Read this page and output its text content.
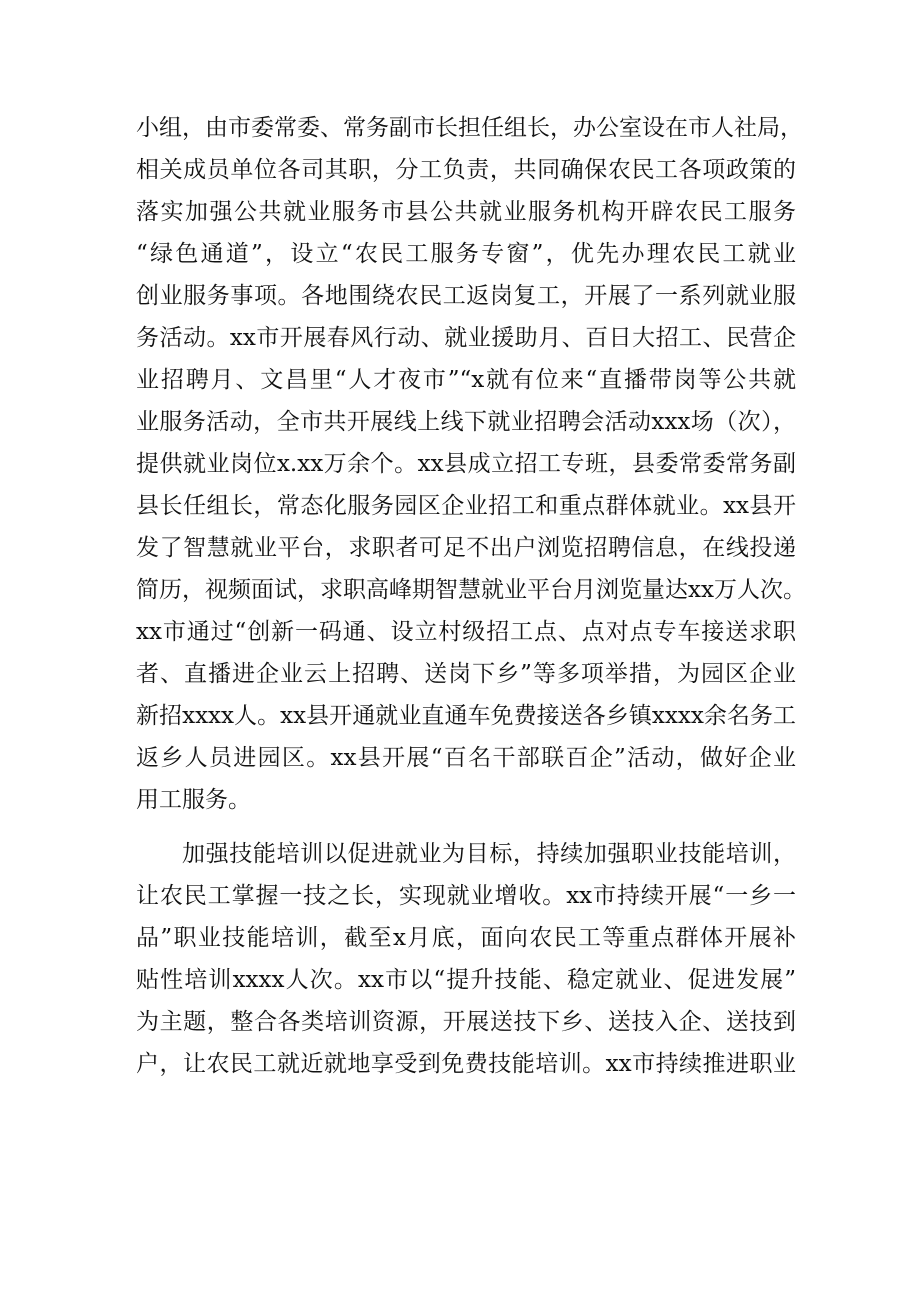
小组，由市委常委、常务副市长担任组长，办公室设在市人社局，
相关成员单位各司其职，分工负责，共同确保农民工各项政策的
落实加强公共就业服务市县公共就业服务机构开辟农民工服务
“绿色通道”，设立“农民工服务专窗”，优先办理农民工就业
创业服务事项。各地围绕农民工返岗复工，开展了一系列就业服
务活动。xx市开展春风行动、就业援助月、百日大招工、民营企
业招聘月、文昌里“人才夜市”“x就有位来“直播带岗等公共就
业服务活动，全市共开展线上线下就业招聘会活动xxx场（次），
提供就业岗位x.xx万余个。xx县成立招工专班，县委常委常务副
县长任组长，常态化服务园区企业招工和重点群体就业。xx县开
发了智慧就业平台，求职者可足不出户浏览招聘信息，在线投递
简历，视频面试，求职高峰期智慧就业平台月浏览量达xx万人次。
xx市通过“创新一码通、设立村级招工点、点对点专车接送求职
者、直播进企业云上招聘、送岗下乡”等多项举措，为园区企业
新招xxxx人。xx县开通就业直通车免费接送各乡镇xxxx余名务工
返乡人员进园区。xx县开展“百名干部联百企”活动，做好企业
用工服务。
加强技能培训以促进就业为目标，持续加强职业技能培训，
让农民工掌握一技之长，实现就业增收。xx市持续开展“一乡一
品”职业技能培训，截至x月底，面向农民工等重点群体开展补
贴性培训xxxx人次。xx市以“提升技能、稳定就业、促进发展”
为主题，整合各类培训资源，开展送技下乡、送技入企、送技到
户，让农民工就近就地享受到免费技能培训。xx市持续推进职业
